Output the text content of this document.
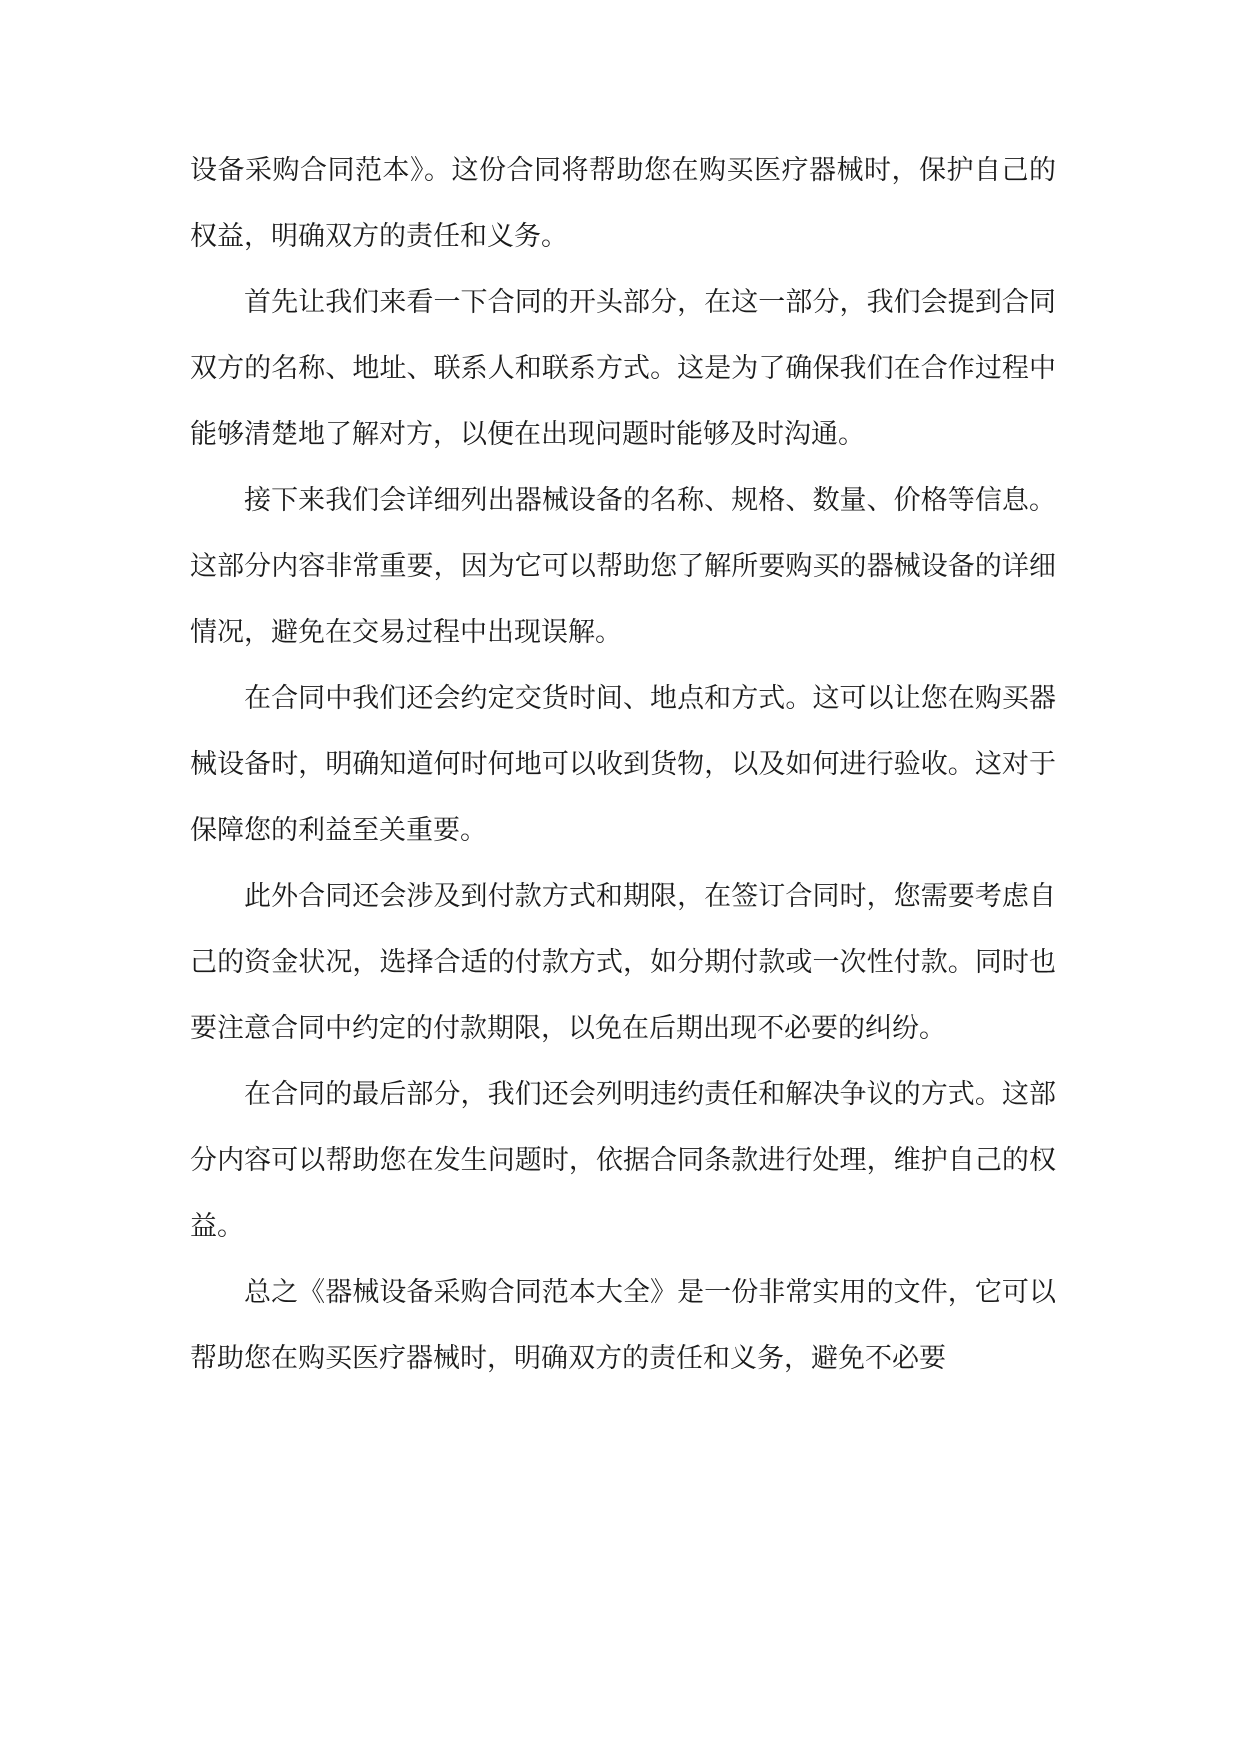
设备采购合同范本》。这份合同将帮助您在购买医疗器械时，保护自己的权益，明确双方的责任和义务。

首先让我们来看一下合同的开头部分，在这一部分，我们会提到合同双方的名称、地址、联系人和联系方式。这是为了确保我们在合作过程中能够清楚地了解对方，以便在出现问题时能够及时沟通。

接下来我们会详细列出器械设备的名称、规格、数量、价格等信息。这部分内容非常重要，因为它可以帮助您了解所要购买的器械设备的详细情况，避免在交易过程中出现误解。

在合同中我们还会约定交货时间、地点和方式。这可以让您在购买器械设备时，明确知道何时何地可以收到货物，以及如何进行验收。这对于保障您的利益至关重要。

此外合同还会涉及到付款方式和期限，在签订合同时，您需要考虑自己的资金状况，选择合适的付款方式，如分期付款或一次性付款。同时也要注意合同中约定的付款期限，以免在后期出现不必要的纠纷。

在合同的最后部分，我们还会列明违约责任和解决争议的方式。这部分内容可以帮助您在发生问题时，依据合同条款进行处理，维护自己的权益。

总之《器械设备采购合同范本大全》是一份非常实用的文件，它可以帮助您在购买医疗器械时，明确双方的责任和义务，避免不必要
